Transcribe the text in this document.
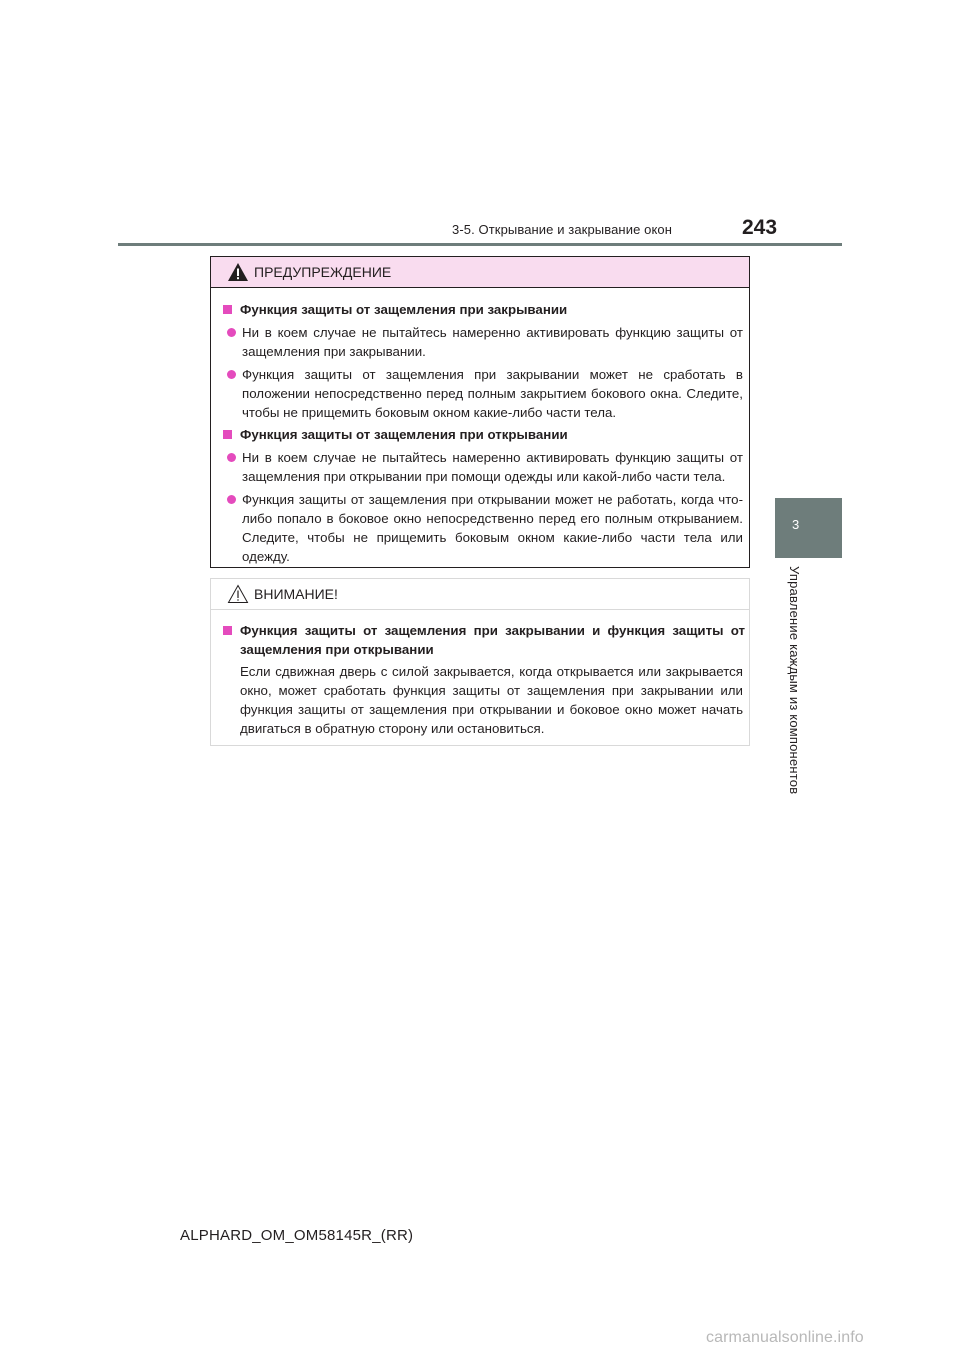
3-5. Открывание и закрывание окон	243
3
Управление каждым из компонентов
ПРЕДУПРЕЖДЕНИЕ
Функция защиты от защемления при закрывании
Ни в коем случае не пытайтесь намеренно активировать функцию защиты от защемления при закрывании.
Функция защиты от защемления при закрывании может не сработать в положении непосредственно перед полным закрытием бокового окна. Следите, чтобы не прищемить боковым окном какие-либо части тела.
Функция защиты от защемления при открывании
Ни в коем случае не пытайтесь намеренно активировать функцию защиты от защемления при открывании при помощи одежды или какой-либо части тела.
Функция защиты от защемления при открывании может не работать, когда что-либо попало в боковое окно непосредственно перед его полным открыванием. Следите, чтобы не прищемить боковым окном какие-либо части тела или одежду.
ВНИМАНИЕ!
Функция защиты от защемления при закрывании и функция защиты от защемления при открывании
Если сдвижная дверь с силой закрывается, когда открывается или закрывается окно, может сработать функция защиты от защемления при закрывании или функция защиты от защемления при открывании и боковое окно может начать двигаться в обратную сторону или остановиться.
ALPHARD_OM_OM58145R_(RR)
carmanualsonline.info
